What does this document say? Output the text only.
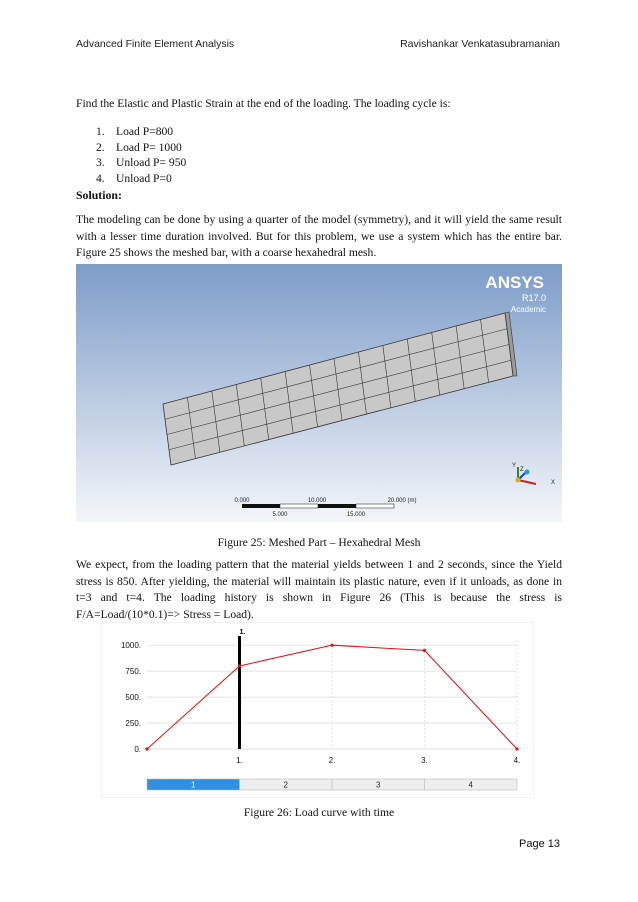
Advanced Finite Element Analysis	Ravishankar Venkatasubramanian

Find the Elastic and Plastic Strain at the end of the loading. The loading cycle is:

1. Load P=800
2. Load P= 1000
3. Unload P= 950
4. Unload P=0
Solution:

The modeling can be done by using a quarter of the model (symmetry), and it will yield the same result with a lesser time duration involved. But for this problem, we use a system which has the entire bar. Figure 25 shows the meshed bar, with a coarse hexahedral mesh.

ANSYS
R17.0
Academic
0.000	10.000	20.000 (m)
5.000	15.000
Y
Z
X
Figure 25: Meshed Part – Hexahedral Mesh

We expect, from the loading pattern that the material yields between 1 and 2 seconds, since the Yield stress is 850. After yielding, the material will maintain its plastic nature, even if it unloads, as done in t=3 and t=4. The loading history is shown in Figure 26 (This is because the stress is F/A=Load/(10*0.1)=> Stress = Load).

0.
250.
500.
750.
1000.
1.	2.	3.	4.
1.
1	2	3	4
Figure 26: Load curve with time
Page 13
